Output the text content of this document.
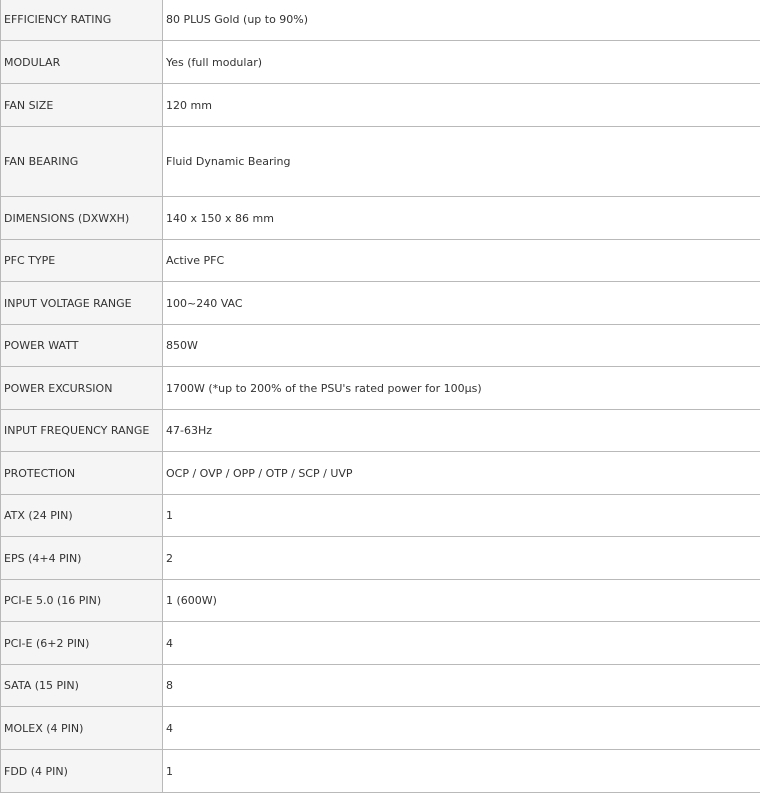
EFFICIENCY RATING	80 PLUS Gold (up to 90%)
MODULAR	Yes (full modular)
FAN SIZE	120 mm
FAN BEARING	Fluid Dynamic Bearing
DIMENSIONS (DXWXH)	140 x 150 x 86 mm
PFC TYPE	Active PFC
INPUT VOLTAGE RANGE	100~240 VAC
POWER WATT	850W
POWER EXCURSION	1700W (*up to 200% of the PSU's rated power for 100µs)
INPUT FREQUENCY RANGE	47-63Hz
PROTECTION	OCP / OVP / OPP / OTP / SCP / UVP
ATX (24 PIN)	1
EPS (4+4 PIN)	2
PCI-E 5.0 (16 PIN)	1 (600W)
PCI-E (6+2 PIN)	4
SATA (15 PIN)	8
MOLEX (4 PIN)	4
FDD (4 PIN)	1
